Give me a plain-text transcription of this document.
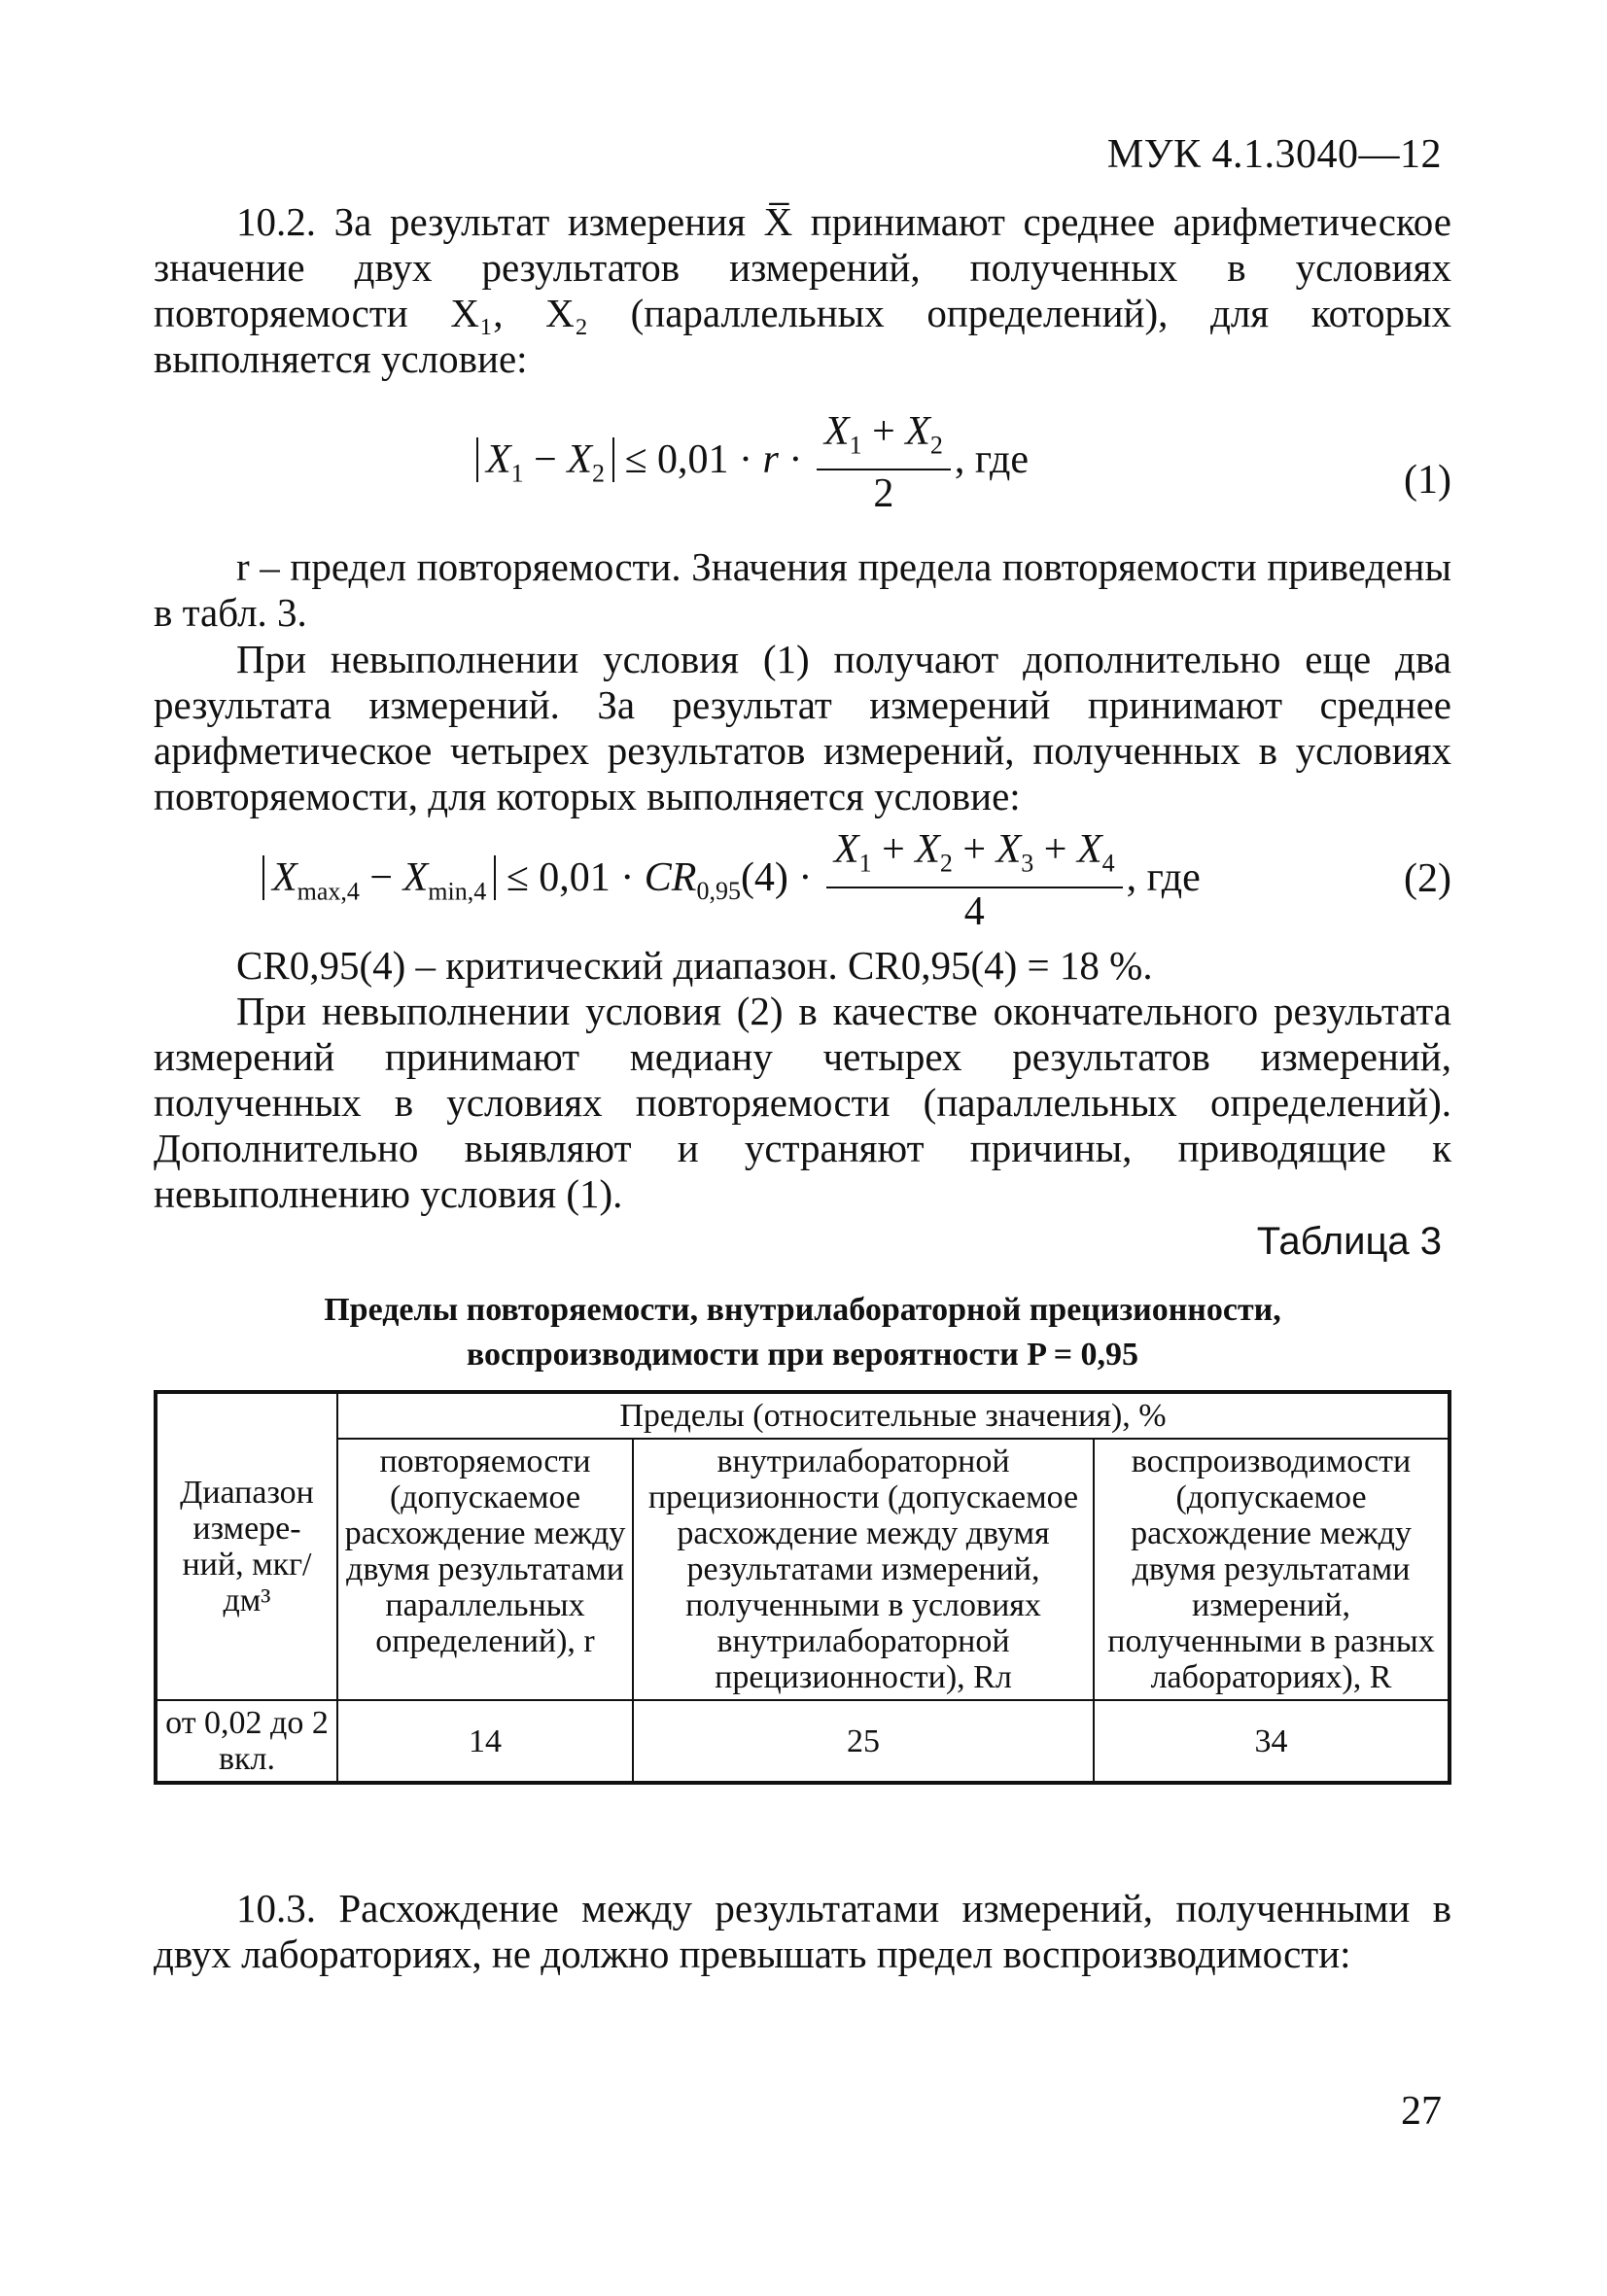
МУК 4.1.3040—12

10.2. За результат измерения X̅ принимают среднее арифметическое значение двух результатов измерений, полученных в условиях повторяемости X₁, X₂ (параллельных определений), для которых выполняется условие:

$X_1 - X_2 \le 0,01 \cdot r \cdot \frac{X_1 + X_2}{2}$ , где	(1)

r – предел повторяемости. Значения предела повторяемости приведены в табл. 3.

При невыполнении условия (1) получают дополнительно еще два результата измерений. За результат измерений принимают среднее арифметическое четырех результатов измерений, полученных в условиях повторяемости, для которых выполняется условие:

$X_{max,4} - X_{min,4} \le 0,01 \cdot CR_{0,95}(4) \cdot \frac{X_1 + X_2 + X_3 + X_4}{4}$ , где	(2)

CR0,95(4) – критический диапазон. CR0,95(4) = 18 %.

При невыполнении условия (2) в качестве окончательного результата измерений принимают медиану четырех результатов измерений, полученных в условиях повторяемости (параллельных определений). Дополнительно выявляют и устраняют причины, приводящие к невыполнению условия (1).

Таблица 3
Пределы повторяемости, внутрилабораторной прецизионности,
воспроизводимости при вероятности P = 0,95
Диапазон измере- ний, мкг/дм³	Пределы (относительные значения), %		
	повторяемости (допускаемое расхождение между двумя результатами параллельных определений), r	внутрилабораторной прецизионности (допускаемое расхождение между двумя результатами измерений, полученными в условиях внутрилабораторной прецизионности), Rл	воспроизводимости (допускаемое расхождение между двумя результатами измерений, полученными в разных лабораториях), R
от 0,02 до 2 вкл.	14	25	34

10.3. Расхождение между результатами измерений, полученными в двух лабораториях, не должно превышать предел воспроизводимости:

27
